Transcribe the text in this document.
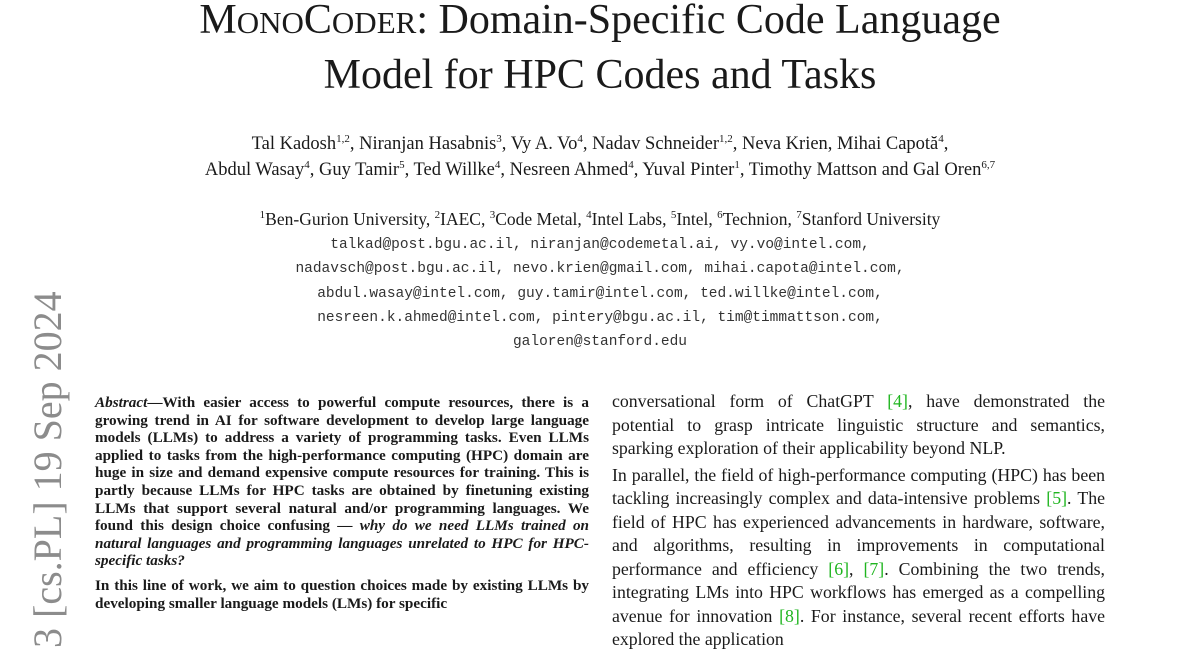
MONOCODER: Domain-Specific Code Language
Model for HPC Codes and Tasks
Tal Kadosh$^{1,2}$, Niranjan Hasabnis$^3$, Vy A. Vo$^4$, Nadav Schneider$^{1,2}$, Neva Krien, Mihai Capotă$^4$,
Abdul Wasay$^4$, Guy Tamir$^5$, Ted Willke$^4$, Nesreen Ahmed$^4$, Yuval Pinter$^1$, Timothy Mattson and Gal Oren$^{6,7}$
$^1$Ben-Gurion University, $^2$IAEC, $^3$Code Metal, $^4$Intel Labs, $^5$Intel, $^6$Technion, $^7$Stanford University
talkad@post.bgu.ac.il, niranjan@codemetal.ai, vy.vo@intel.com,
nadavsch@post.bgu.ac.il, nevo.krien@gmail.com, mihai.capota@intel.com,
abdul.wasay@intel.com, guy.tamir@intel.com, ted.willke@intel.com,
nesreen.k.ahmed@intel.com, pintery@bgu.ac.il, tim@timmattson.com,
galoren@stanford.edu
3 [cs.PL] 19 Sep 2024	Abstract—With easier access to powerful compute resources, there is a growing trend in AI for software development to develop large language models (LLMs) to address a variety of programming tasks. Even LLMs applied to tasks from the high-performance computing (HPC) domain are huge in size and demand expensive compute resources for training. This is partly because LLMs for HPC tasks are obtained by finetuning existing LLMs that support several natural and/or programming languages. We found this design choice confusing — why do we need LLMs trained on natural languages and programming languages unrelated to HPC for HPC-specific tasks?

In this line of work, we aim to question choices made by existing LLMs by developing smaller language models (LMs) for specific

conversational form of ChatGPT [4], have demonstrated the potential to grasp intricate linguistic structure and semantics, sparking exploration of their applicability beyond NLP.

In parallel, the field of high-performance computing (HPC) has been tackling increasingly complex and data-intensive problems [5]. The field of HPC has experienced advancements in hardware, software, and algorithms, resulting in improvements in computational performance and efficiency [6], [7]. Combining the two trends, integrating LMs into HPC workflows has emerged as a compelling avenue for innovation [8]. For instance, several recent efforts have explored the application
